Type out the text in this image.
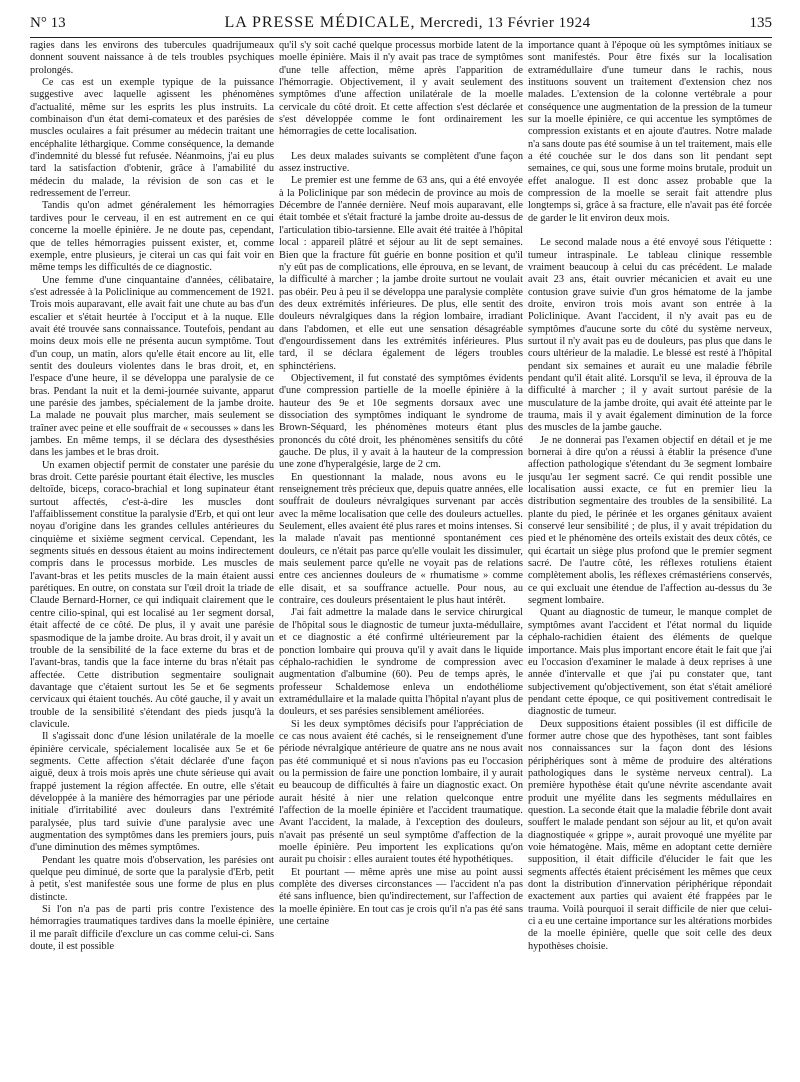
N° 13	LA PRESSE MÉDICALE, Mercredi, 13 Février 1924	135

ragies dans les environs des tubercules quadrijumeaux donnent souvent naissance à de tels troubles psychiques prolongés.

Ce cas est un exemple typique de la puissance suggestive avec laquelle agissent les phénomènes d'actualité, même sur les esprits les plus instruits. La combinaison d'un état demi-comateux et des parésies de muscles oculaires a fait présumer au médecin traitant une encéphalite léthargique. Comme conséquence, la demande d'indemnité du blessé fut refusée. Néanmoins, j'ai eu plus tard la satisfaction d'obtenir, grâce à l'amabilité du médecin du malade, la révision de son cas et le redressement de l'erreur.

Tandis qu'on admet généralement les hémorragies tardives pour le cerveau, il en est autrement en ce qui concerne la moelle épinière. Je ne doute pas, cependant, que de telles hémorragies puissent exister, et, comme exemple, entre plusieurs, je citerai un cas qui fait voir en même temps les difficultés de ce diagnostic.

Une femme d'une cinquantaine d'années, célibataire, s'est adressée à la Policlinique au commencement de 1921. Trois mois auparavant, elle avait fait une chute au bas d'un escalier et s'était heurtée à l'occiput et à la nuque. Elle avait été trouvée sans connaissance. Toutefois, pendant au moins deux mois elle ne présenta aucun symptôme. Tout d'un coup, un matin, alors qu'elle était encore au lit, elle sentit des douleurs violentes dans le bras droit, et, en l'espace d'une heure, il se développa une paralysie de ce bras. Pendant la nuit et la demi-journée suivante, apparut une parésie des jambes, spécialement de la jambe droite. La malade ne pouvait plus marcher, mais seulement se traîner avec peine et elle souffrait de « secousses » dans les jambes. En même temps, il se déclara des dysesthésies dans les jambes et le bras droit.

Un examen objectif permit de constater une parésie du bras droit. Cette parésie pourtant était élective, les muscles deltoïde, biceps, coraco-brachial et long supinateur étant surtout affectés, c'est-à-dire les muscles dont l'affaiblissement constitue la paralysie d'Erb, et qui ont leur noyau d'origine dans les grandes cellules antérieures du cinquième et sixième segment cervical. Cependant, les segments situés en dessous étaient au moins indirectement compris dans le processus morbide. Les muscles de l'avant-bras et les petits muscles de la main étaient aussi parétiques. En outre, on constata sur l'œil droit la triade de Claude Bernard-Horner, ce qui indiquait clairement que le centre cilio-spinal, qui est localisé au 1er segment dorsal, était affecté de ce côté. De plus, il y avait une parésie spasmodique de la jambe droite. Au bras droit, il y avait un trouble de la sensibilité de la face externe du bras et de l'avant-bras, tandis que la face interne du bras n'était pas affectée. Cette distribution segmentaire soulignait davantage que c'étaient surtout les 5e et 6e segments cervicaux qui étaient touchés. Au côté gauche, il y avait un trouble de la sensibilité s'étendant des pieds jusqu'à la clavicule.

Il s'agissait donc d'une lésion unilatérale de la moelle épinière cervicale, spécialement localisée aux 5e et 6e segments. Cette affection s'était déclarée d'une façon aiguë, deux à trois mois après une chute sérieuse qui avait frappé justement la région affectée. En outre, elle s'était développée à la manière des hémorragies par une période initiale d'irritabilité avec douleurs dans l'extrémité paralysée, plus tard suivie d'une paralysie avec une augmentation des symptômes dans les premiers jours, puis d'une diminution des mêmes symptômes.

Pendant les quatre mois d'observation, les parésies ont quelque peu diminué, de sorte que la paralysie d'Erb, petit à petit, s'est manifestée sous une forme de plus en plus distincte.

Si l'on n'a pas de parti pris contre l'existence des hémorragies traumatiques tardives dans la moelle épinière, il me paraît difficile d'exclure un cas comme celui-ci. Sans doute, il est possible

qu'il s'y soit caché quelque processus morbide latent de la moelle épinière. Mais il n'y avait pas trace de symptômes d'une telle affection, même après l'apparition de l'hémorragie. Objectivement, il y avait seulement des symptômes d'une affection unilatérale de la moelle cervicale du côté droit. Et cette affection s'est déclarée et s'est développée comme le font ordinairement les hémorragies de cette localisation.

Les deux malades suivants se complètent d'une façon assez instructive.

Le premier est une femme de 63 ans, qui a été envoyée à la Policlinique par son médecin de province au mois de Décembre de l'année dernière. Neuf mois auparavant, elle était tombée et s'était fracturé la jambe droite au-dessus de l'articulation tibio-tarsienne. Elle avait été traitée à l'hôpital local : appareil plâtré et séjour au lit de sept semaines. Bien que la fracture fût guérie en bonne position et qu'il n'y eût pas de complications, elle éprouva, en se levant, de la difficulté à marcher ; la jambe droite surtout ne voulait pas obéir. Peu à peu il se développa une paralysie complète des deux extrémités inférieures. De plus, elle sentit des douleurs névralgiques dans la région lombaire, irradiant dans l'abdomen, et elle eut une sensation désagréable d'engourdissement dans les extrémités inférieures. Plus tard, il se déclara également de légers troubles sphinctériens.

Objectivement, il fut constaté des symptômes évidents d'une compression partielle de la moelle épinière à la hauteur des 9e et 10e segments dorsaux avec une dissociation des symptômes indiquant le syndrome de Brown-Séquard, les phénomènes moteurs étant plus prononcés du côté droit, les phénomènes sensitifs du côté gauche. De plus, il y avait à la hauteur de la compression une zone d'hyperalgésie, large de 2 cm.

En questionnant la malade, nous avons eu le renseignement très précieux que, depuis quatre années, elle souffrait de douleurs névralgiques survenant par accès avec la même localisation que celle des douleurs actuelles. Seulement, elles avaient été plus rares et moins intenses. Si la malade n'avait pas mentionné spontanément ces douleurs, ce n'était pas parce qu'elle voulait les dissimuler, mais seulement parce qu'elle ne voyait pas de relations entre ces anciennes douleurs de « rhumatisme » comme elle disait, et sa souffrance actuelle. Pour nous, au contraire, ces douleurs présentaient le plus haut intérêt.

J'ai fait admettre la malade dans le service chirurgical de l'hôpital sous le diagnostic de tumeur juxta-médullaire, et ce diagnostic a été confirmé ultérieurement par la ponction lombaire qui prouva qu'il y avait dans le liquide céphalo-rachidien le syndrome de compression avec augmentation d'albumine (60). Peu de temps après, le professeur Schaldemose enleva un endothéliome extramédullaire et la malade quitta l'hôpital n'ayant plus de douleurs, et ses parésies sensiblement améliorées.

Si les deux symptômes décisifs pour l'appréciation de ce cas nous avaient été cachés, si le renseignement d'une période névralgique antérieure de quatre ans ne nous avait pas été communiqué et si nous n'avions pas eu l'occasion ou la permission de faire une ponction lombaire, il y aurait eu beaucoup de difficultés à faire un diagnostic exact. On aurait hésité à nier une relation quelconque entre l'affection de la moelle épinière et l'accident traumatique. Avant l'accident, la malade, à l'exception des douleurs, n'avait pas présenté un seul symptôme d'affection de la moelle épinière. Peu importent les explications qu'on aurait pu choisir : elles auraient toutes été hypothétiques.

Et pourtant — même après une mise au point aussi complète des diverses circonstances — l'accident n'a pas été sans influence, bien qu'indirectement, sur l'affection de la moelle épinière. En tout cas je crois qu'il n'a pas été sans une certaine

importance quant à l'époque où les symptômes initiaux se sont manifestés. Pour être fixés sur la localisation extramédullaire d'une tumeur dans le rachis, nous instituons souvent un traitement d'extension chez nos malades. L'extension de la colonne vertébrale a pour conséquence une augmentation de la pression de la tumeur sur la moelle épinière, ce qui accentue les symptômes de compression existants et en ajoute d'autres. Notre malade n'a sans doute pas été soumise à un tel traitement, mais elle a été couchée sur le dos dans son lit pendant sept semaines, ce qui, sous une forme moins brutale, produit un effet analogue. Il est donc assez probable que la compression de la moelle se serait fait attendre plus longtemps si, grâce à sa fracture, elle n'avait pas été forcée de garder le lit environ deux mois.

Le second malade nous a été envoyé sous l'étiquette : tumeur intraspinale. Le tableau clinique ressemble vraiment beaucoup à celui du cas précédent. Le malade avait 23 ans, était ouvrier mécanicien et avait eu une contusion grave suivie d'un gros hématome de la jambe droite, environ trois mois avant son entrée à la Policlinique. Avant l'accident, il n'y avait pas eu de symptômes d'aucune sorte du côté du système nerveux, surtout il n'y avait pas eu de douleurs, pas plus que dans le cours ultérieur de la maladie. Le blessé est resté à l'hôpital pendant six semaines et aurait eu une maladie fébrile pendant qu'il était alité. Lorsqu'il se leva, il éprouva de la difficulté à marcher ; il y avait surtout parésie de la musculature de la jambe droite, qui avait été atteinte par le trauma, mais il y avait également diminution de la force des muscles de la jambe gauche.

Je ne donnerai pas l'examen objectif en détail et je me bornerai à dire qu'on a réussi à établir la présence d'une affection pathologique s'étendant du 3e segment lombaire jusqu'au 1er segment sacré. Ce qui rendit possible une localisation aussi exacte, ce fut en premier lieu la distribution segmentaire des troubles de la sensibilité. La plante du pied, le périnée et les organes génitaux avaient conservé leur sensibilité ; de plus, il y avait trépidation du pied et le phénomène des orteils existait des deux côtés, ce qui écartait un siège plus profond que le premier segment sacré. De l'autre côté, les réflexes rotuliens étaient complètement abolis, les réflexes crémastériens conservés, ce qui excluait une étendue de l'affection au-dessus du 3e segment lombaire.

Quant au diagnostic de tumeur, le manque complet de symptômes avant l'accident et l'état normal du liquide céphalo-rachidien étaient des éléments de quelque importance. Mais plus important encore était le fait que j'ai eu l'occasion d'examiner le malade à deux reprises à une année d'intervalle et que j'ai pu constater que, tant subjectivement qu'objectivement, son état s'était amélioré pendant cette époque, ce qui positivement contredisait le diagnostic de tumeur.

Deux suppositions étaient possibles (il est difficile de former autre chose que des hypothèses, tant sont faibles nos connaissances sur la façon dont des lésions périphériques sont à même de produire des altérations pathologiques dans le système nerveux central). La première hypothèse était qu'une névrite ascendante avait produit une myélite dans les segments médullaires en question. La seconde était que la maladie fébrile dont avait souffert le malade pendant son séjour au lit, et qu'on avait diagnostiquée « grippe », aurait provoqué une myélite par voie hématogène. Mais, même en adoptant cette dernière supposition, il était difficile d'élucider le fait que les segments affectés étaient précisément les mêmes que ceux dont la distribution d'innervation périphérique répondait exactement aux parties qui avaient été frappées par le trauma. Voilà pourquoi il serait difficile de nier que celui-ci a eu une certaine importance sur les altérations morbides de la moelle épinière, quelle que soit celle des deux hypothèses choisie.
